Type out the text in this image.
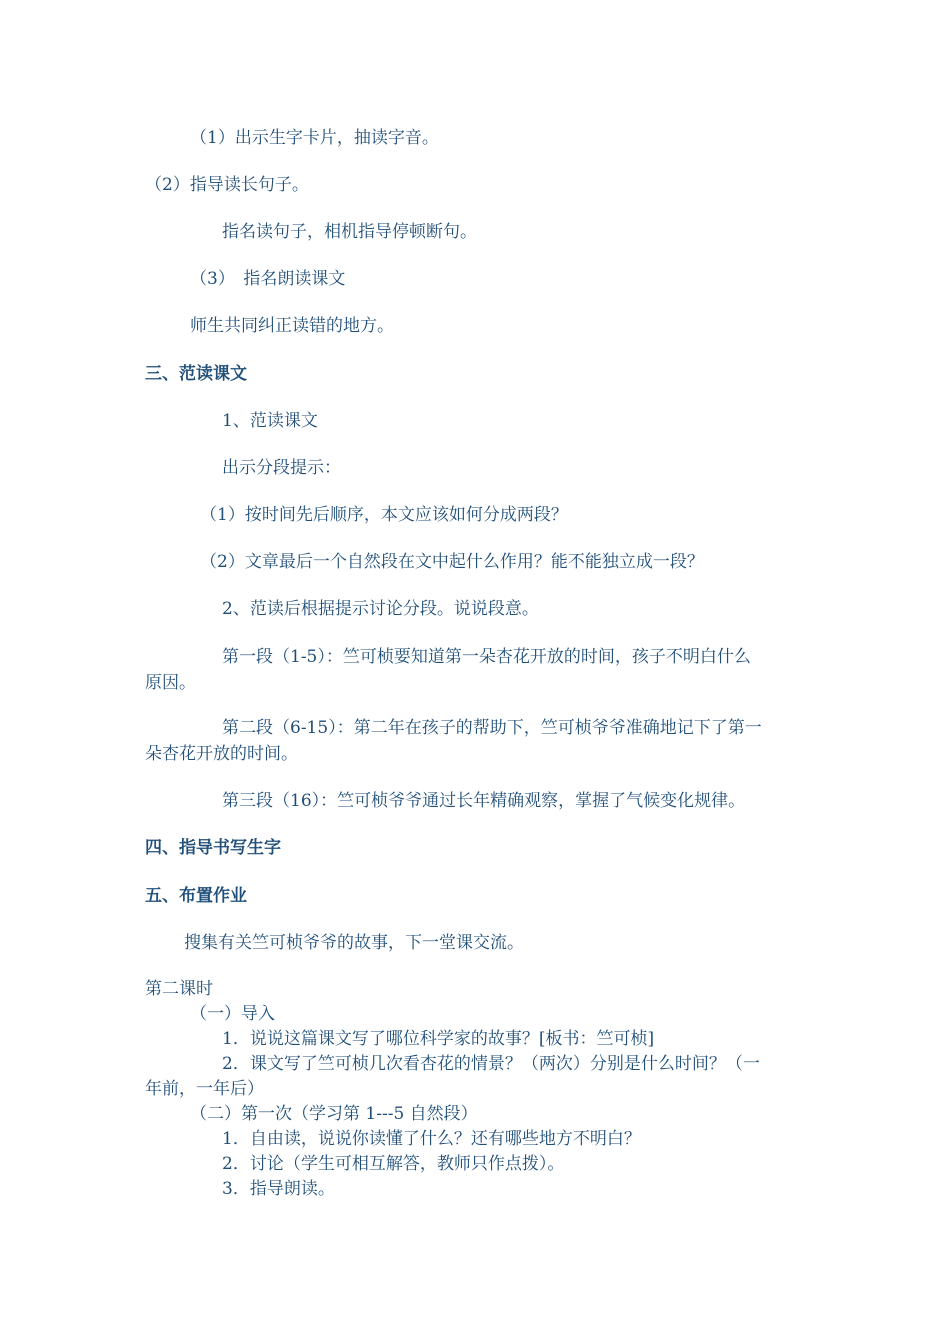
（1）出示生字卡片，抽读字音。
（2）指导读长句子。
指名读句子，相机指导停顿断句。
（3）　指名朗读课文
师生共同纠正读错的地方。
三、范读课文
1、范读课文
出示分段提示：
（1）按时间先后顺序，本文应该如何分成两段？
（2）文章最后一个自然段在文中起什么作用？能不能独立成一段？
2、范读后根据提示讨论分段。说说段意。
第一段（1-5）：竺可桢要知道第一朵杏花开放的时间，孩子不明白什么
原因。
第二段（6-15）：第二年在孩子的帮助下，竺可桢爷爷准确地记下了第一
朵杏花开放的时间。
第三段（16）：竺可桢爷爷通过长年精确观察，掌握了气候变化规律。
四、指导书写生字
五、布置作业
搜集有关竺可桢爷爷的故事，下一堂课交流。
第二课时
（一）导入
1．说说这篇课文写了哪位科学家的故事？[板书：竺可桢]
2．课文写了竺可桢几次看杏花的情景？（两次）分别是什么时间？（一
年前，一年后）
（二）第一次（学习第 1---5 自然段）
1．自由读，说说你读懂了什么？还有哪些地方不明白？
2．讨论（学生可相互解答，教师只作点拨）。
3．指导朗读。
